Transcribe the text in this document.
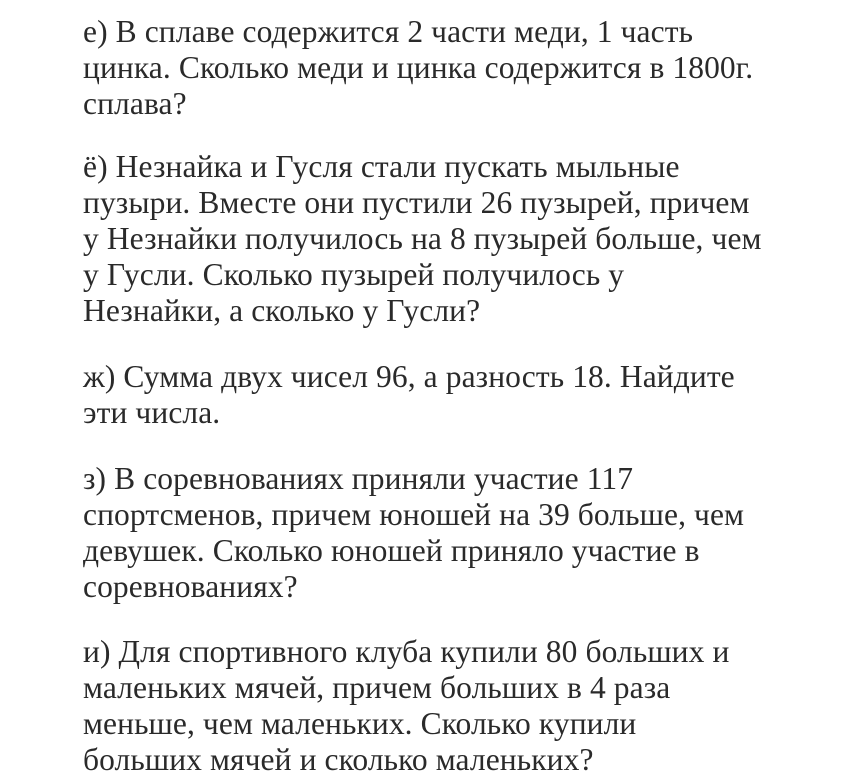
е) В сплаве содержится 2 части меди, 1 часть
цинка. Сколько меди и цинка содержится в 1800г.
сплава?

ё) Незнайка и Гусля стали пускать мыльные
пузыри. Вместе они пустили 26 пузырей, причем
у Незнайки получилось на 8 пузырей больше, чем
у Гусли. Сколько пузырей получилось у
Незнайки, а сколько у Гусли?

ж) Сумма двух чисел 96, а разность 18. Найдите
эти числа.

з) В соревнованиях приняли участие 117
спортсменов, причем юношей на 39 больше, чем
девушек. Сколько юношей приняло участие в
соревнованиях?

и) Для спортивного клуба купили 80 больших и
маленьких мячей, причем больших в 4 раза
меньше, чем маленьких. Сколько купили
больших мячей и сколько маленьких?
